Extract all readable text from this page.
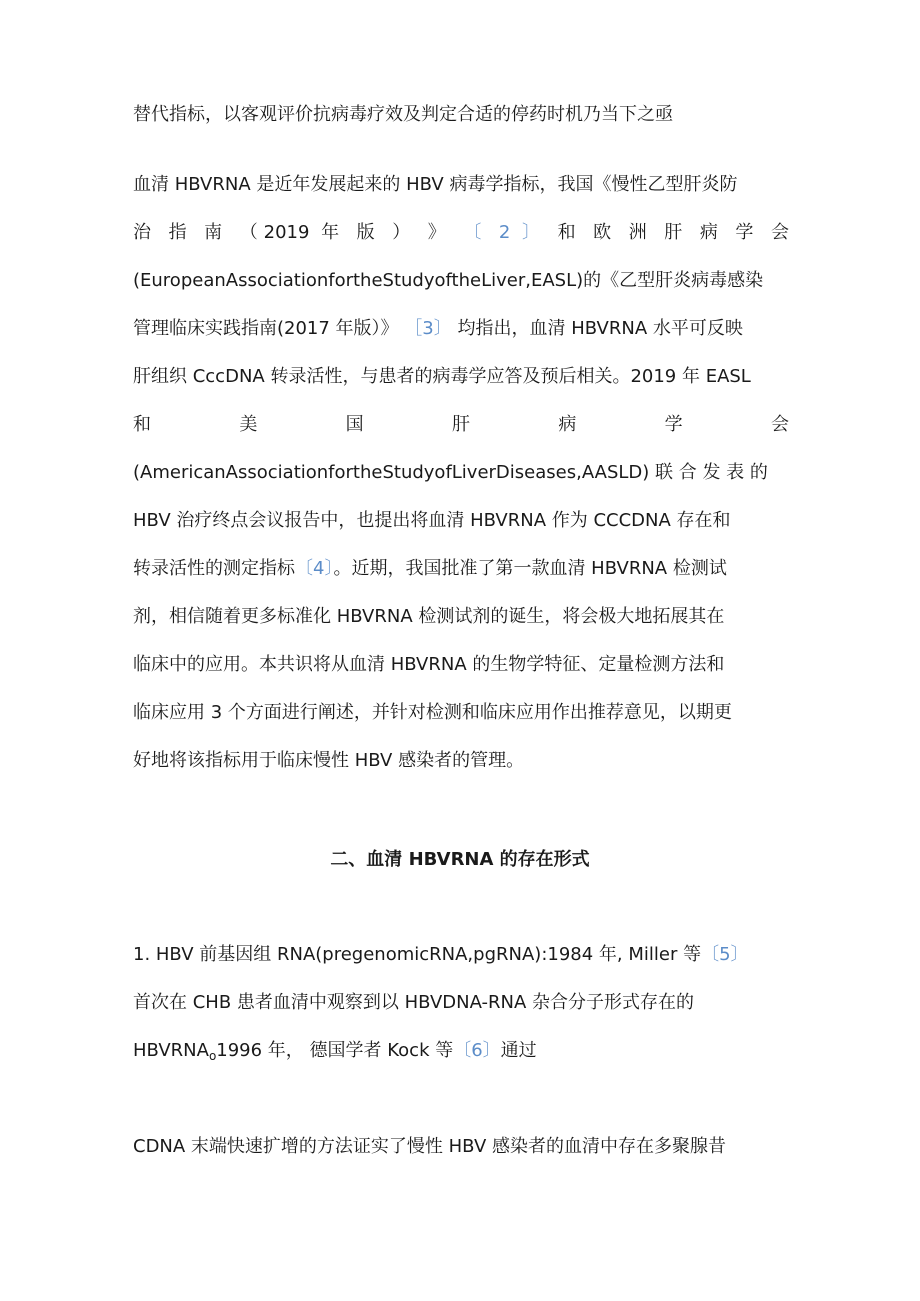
替代指标，以客观评价抗病毒疗效及判定合适的停药时机乃当下之亟
血清 HBVRNA 是近年发展起来的 HBV 病毒学指标，我国《慢性乙型肝炎防
治 指 南 （2019 年 版 ） 》 〔 2 〕 和 欧 洲 肝 病 学 会
(EuropeanAssociationfortheStudyoftheLiver,EASL)的《乙型肝炎病毒感染
管理临床实践指南(2017 年版）》 ［3〕 均指出，血清 HBVRNA 水平可反映
肝组织 CccDNA 转录活性，与患者的病毒学应答及预后相关。2019 年 EASL
和 美 国 肝 病 学 会
(AmericanAssociationfortheStudyofLiverDiseases,AASLD) 联 合 发 表 的
HBV 治疗终点会议报告中，也提出将血清 HBVRNA 作为 CCCDNA 存在和
转录活性的测定指标〔4〕。近期，我国批准了第一款血清 HBVRNA 检测试
剂，相信随着更多标准化 HBVRNA 检测试剂的诞生，将会极大地拓展其在
临床中的应用。本共识将从血清 HBVRNA 的生物学特征、定量检测方法和
临床应用 3 个方面进行阐述，并针对检测和临床应用作出推荐意见，以期更
好地将该指标用于临床慢性 HBV 感染者的管理。
二、血清 HBVRNA 的存在形式
1. HBV 前基因组 RNA(pregenomicRNA,pgRNA):1984 年, Miller 等〔5〕
首次在 CHB 患者血清中观察到以 HBVDNA-RNA 杂合分子形式存在的
$HBVRNA_o1996$ 年， 德国学者 Kock 等〔6〕通过
CDNA 末端快速扩增的方法证实了慢性 HBV 感染者的血清中存在多聚腺昔
